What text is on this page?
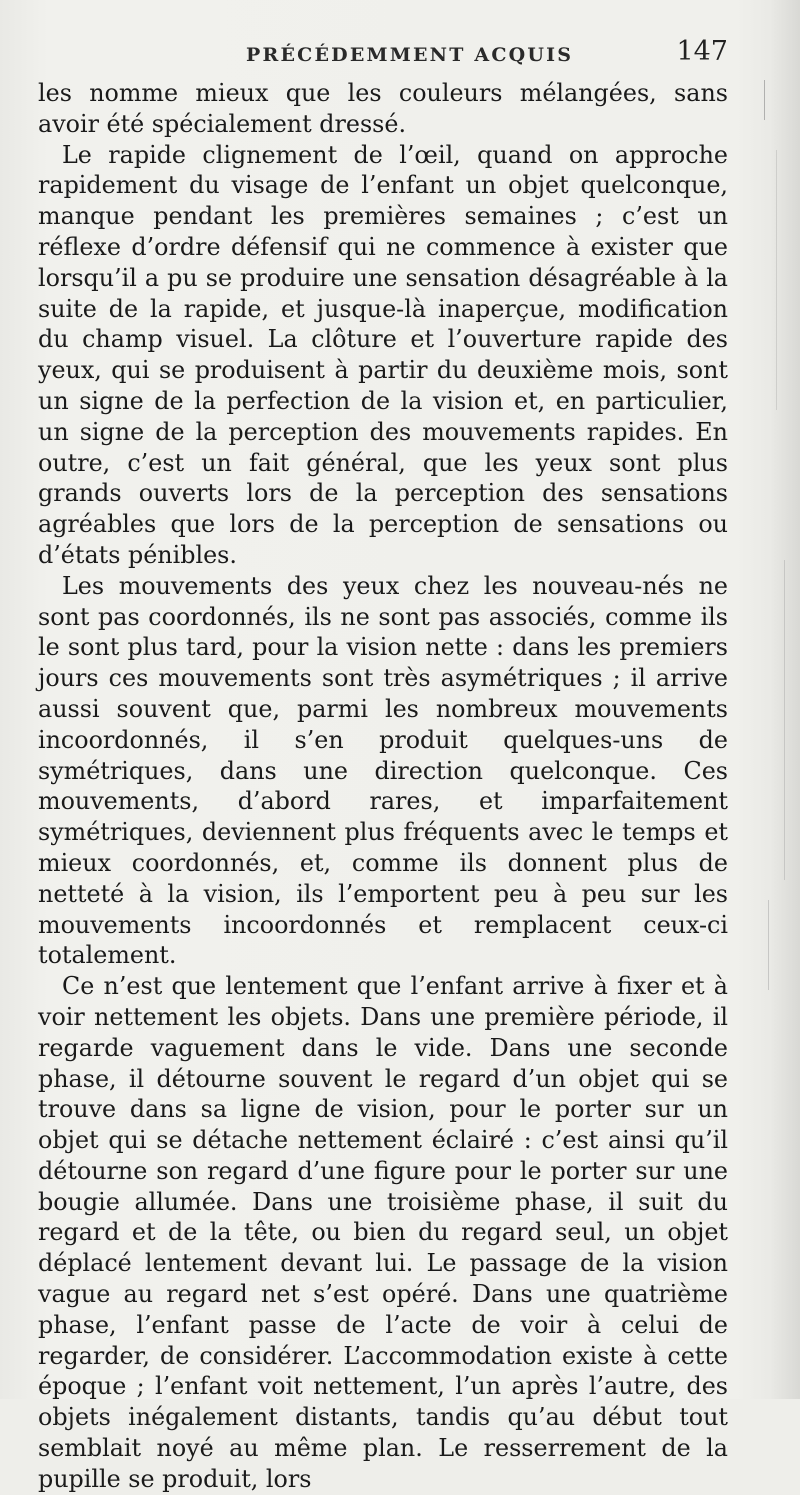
PRÉCÉDEMMENT ACQUIS	147

les nomme mieux que les couleurs mélangées, sans avoir été spécialement dressé.

Le rapide clignement de l’œil, quand on approche rapidement du visage de l’enfant un objet quelconque, manque pendant les premières semaines ; c’est un réflexe d’ordre défensif qui ne commence à exister que lorsqu’il a pu se produire une sensation désagréable à la suite de la rapide, et jusque-là inaperçue, modification du champ visuel. La clôture et l’ouverture rapide des yeux, qui se produisent à partir du deuxième mois, sont un signe de la perfection de la vision et, en particulier, un signe de la perception des mouvements rapides. En outre, c’est un fait général, que les yeux sont plus grands ouverts lors de la perception des sensations agréables que lors de la perception de sensations ou d’états pénibles.

Les mouvements des yeux chez les nouveau-nés ne sont pas coordonnés, ils ne sont pas associés, comme ils le sont plus tard, pour la vision nette : dans les premiers jours ces mouvements sont très asymétriques ; il arrive aussi souvent que, parmi les nombreux mouvements incoordonnés, il s’en produit quelques-uns de symétriques, dans une direction quelconque. Ces mouvements, d’abord rares, et imparfaitement symétriques, deviennent plus fréquents avec le temps et mieux coordonnés, et, comme ils donnent plus de netteté à la vision, ils l’emportent peu à peu sur les mouvements incoordonnés et remplacent ceux-ci totalement.

Ce n’est que lentement que l’enfant arrive à fixer et à voir nettement les objets. Dans une première période, il regarde vaguement dans le vide. Dans une seconde phase, il détourne souvent le regard d’un objet qui se trouve dans sa ligne de vision, pour le porter sur un objet qui se détache nettement éclairé : c’est ainsi qu’il détourne son regard d’une figure pour le porter sur une bougie allumée. Dans une troisième phase, il suit du regard et de la tête, ou bien du regard seul, un objet déplacé lentement devant lui. Le passage de la vision vague au regard net s’est opéré. Dans une quatrième phase, l’enfant passe de l’acte de voir à celui de regarder, de considérer. L’accommodation existe à cette époque ; l’enfant voit nettement, l’un après l’autre, des objets inégalement distants, tandis qu’au début tout semblait noyé au même plan. Le resserrement de la pupille se produit, lors
